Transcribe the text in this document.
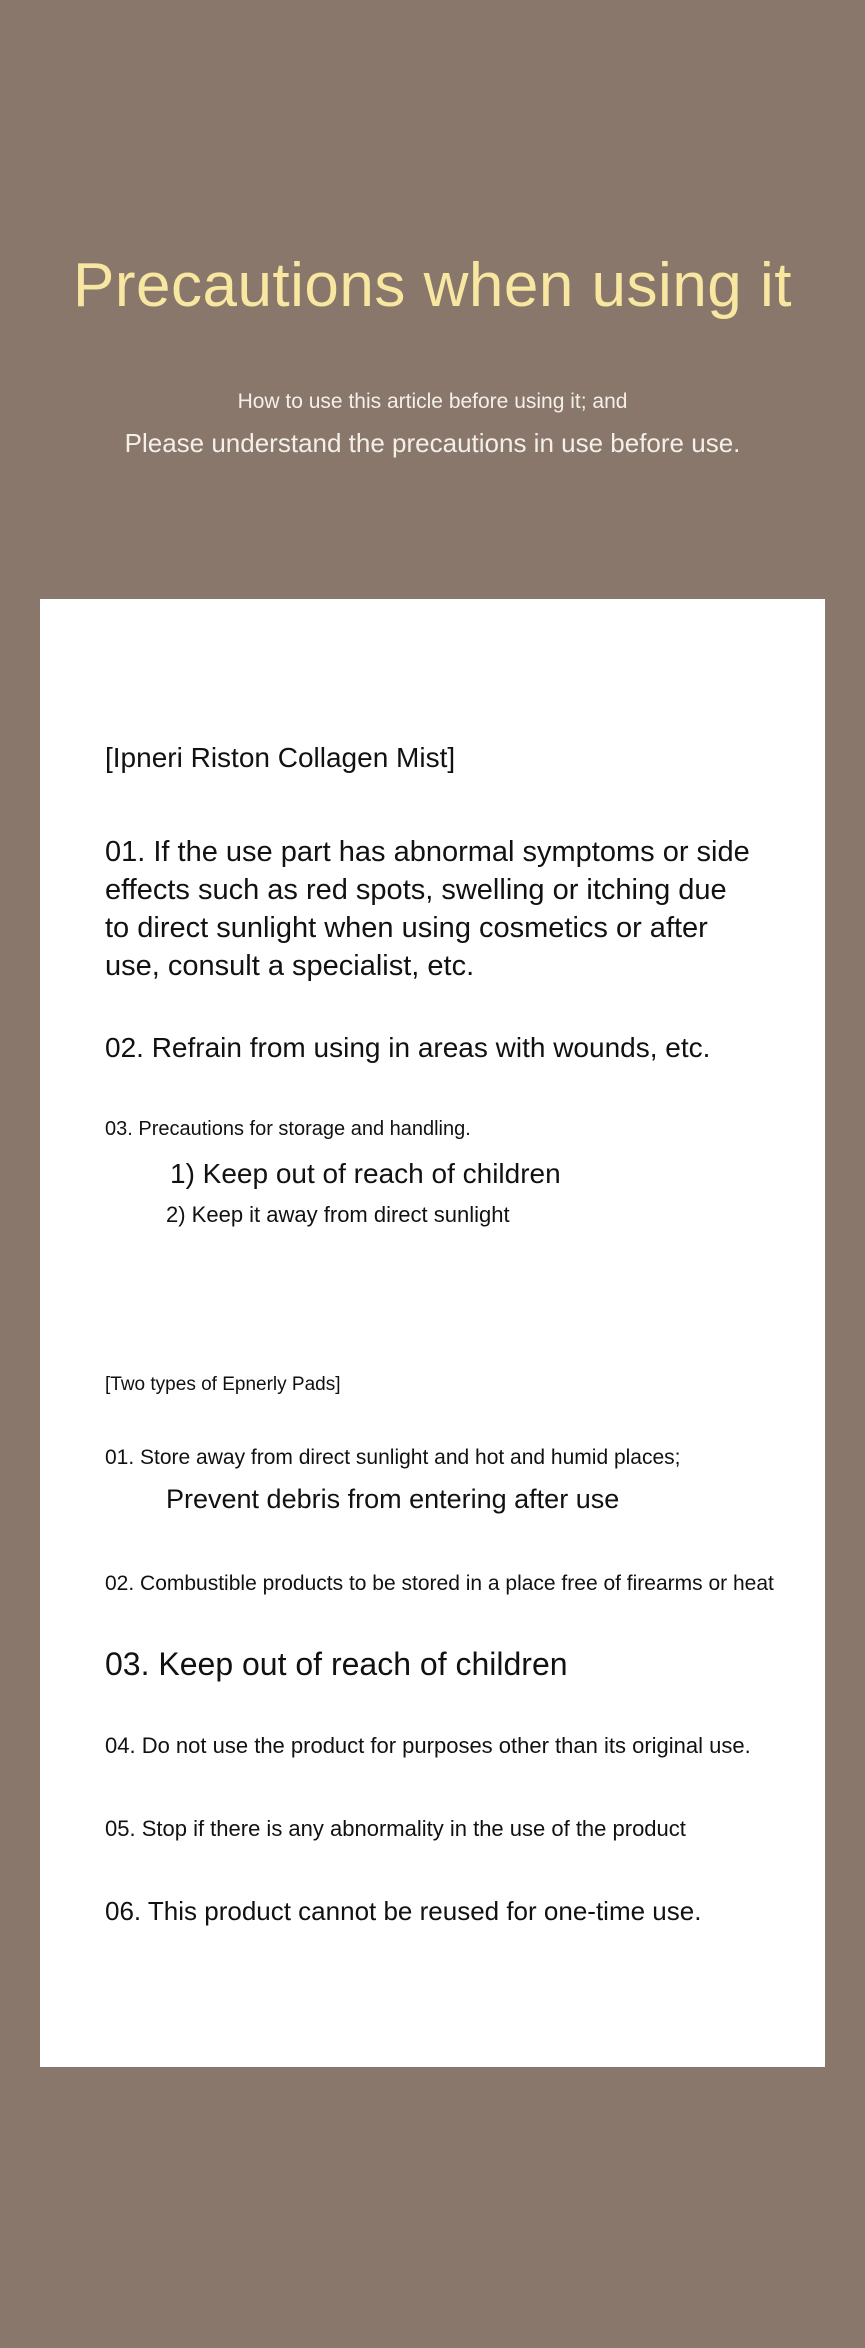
Precautions when using it
How to use this article before using it; and
Please understand the precautions in use before use.
[Ipneri Riston Collagen Mist]
01. If the use part has abnormal symptoms or side effects such as red spots, swelling or itching due to direct sunlight when using cosmetics or after use, consult a specialist, etc.
02. Refrain from using in areas with wounds, etc.
03. Precautions for storage and handling.
1) Keep out of reach of children
2) Keep it away from direct sunlight
[Two types of Epnerly Pads]
01. Store away from direct sunlight and hot and humid places;
Prevent debris from entering after use
02. Combustible products to be stored in a place free of firearms or heat
03. Keep out of reach of children
04. Do not use the product for purposes other than its original use.
05. Stop if there is any abnormality in the use of the product
06. This product cannot be reused for one-time use.
